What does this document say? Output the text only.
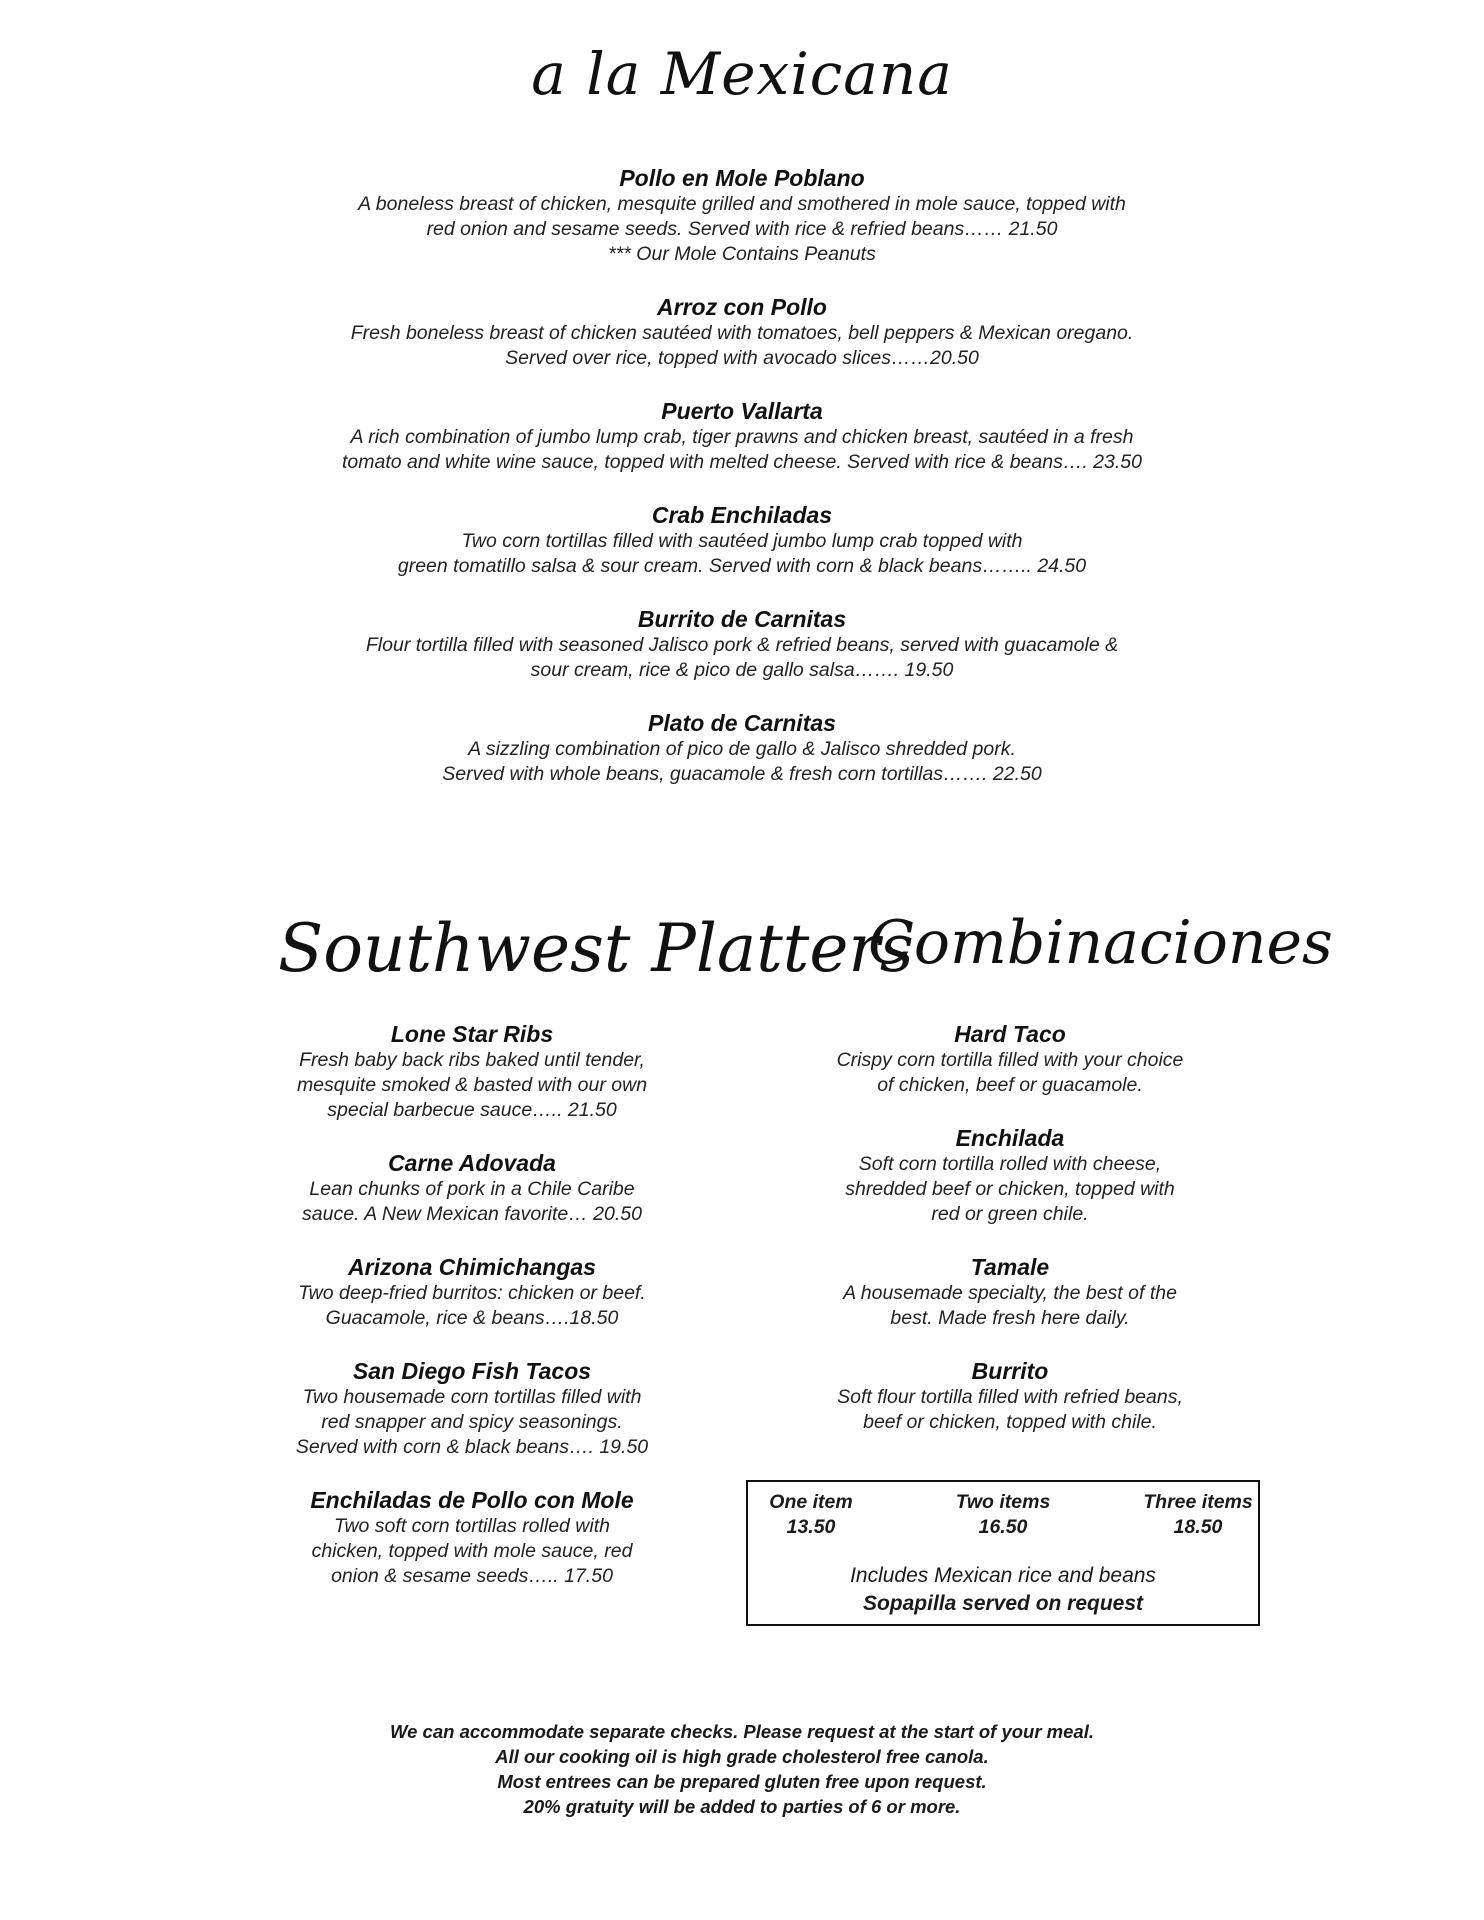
a la Mexicana
Southwest Platters
Combinaciones
Pollo en Mole Poblano
A boneless breast of chicken, mesquite grilled and smothered in mole sauce, topped with
red onion and sesame seeds. Served with rice & refried beans…… 21.50
*** Our Mole Contains Peanuts
Arroz con Pollo
Fresh boneless breast of chicken sautéed with tomatoes, bell peppers & Mexican oregano.
Served over rice, topped with avocado slices……20.50
Puerto Vallarta
A rich combination of jumbo lump crab, tiger prawns and chicken breast, sautéed in a fresh
tomato and white wine sauce, topped with melted cheese. Served with rice & beans…. 23.50
Crab Enchiladas
Two corn tortillas filled with sautéed jumbo lump crab topped with
green tomatillo salsa & sour cream. Served with corn & black beans…….. 24.50
Burrito de Carnitas
Flour tortilla filled with seasoned Jalisco pork & refried beans, served with guacamole &
sour cream, rice & pico de gallo salsa……. 19.50
Plato de Carnitas
A sizzling combination of pico de gallo & Jalisco shredded pork.
Served with whole beans, guacamole & fresh corn tortillas……. 22.50
Lone Star Ribs
Fresh baby back ribs baked until tender,
mesquite smoked & basted with our own
special barbecue sauce….. 21.50
Carne Adovada
Lean chunks of pork in a Chile Caribe
sauce. A New Mexican favorite… 20.50
Arizona Chimichangas
Two deep-fried burritos: chicken or beef.
Guacamole, rice & beans….18.50
San Diego Fish Tacos
Two housemade corn tortillas filled with
red snapper and spicy seasonings.
Served with corn & black beans…. 19.50
Enchiladas de Pollo con Mole
Two soft corn tortillas rolled with
chicken, topped with mole sauce, red
onion & sesame seeds….. 17.50
Hard Taco
Crispy corn tortilla filled with your choice
of chicken, beef or guacamole.
Enchilada
Soft corn tortilla rolled with cheese,
shredded beef or chicken, topped with
red or green chile.
Tamale
A housemade specialty, the best of the
best. Made fresh here daily.
Burrito
Soft flour tortilla filled with refried beans,
beef or chicken, topped with chile.
One item
13.50
Two items
16.50
Three items
18.50
Includes Mexican rice and beans
Sopapilla served on request
We can accommodate separate checks. Please request at the start of your meal.
All our cooking oil is high grade cholesterol free canola.
Most entrees can be prepared gluten free upon request.
20% gratuity will be added to parties of 6 or more.
